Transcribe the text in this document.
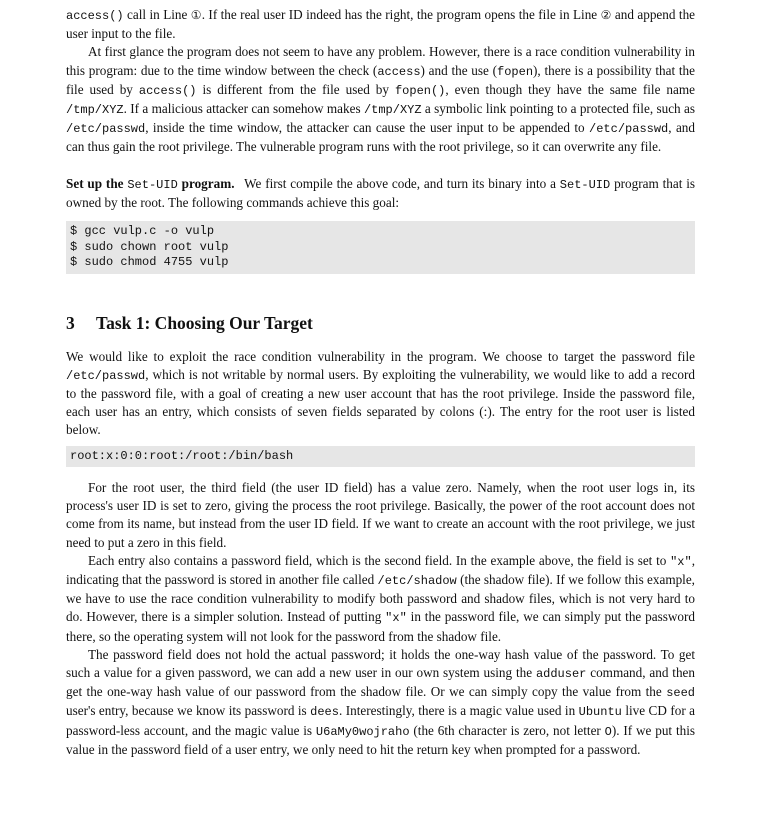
access() call in Line ①. If the real user ID indeed has the right, the program opens the file in Line ② and append the user input to the file.

At first glance the program does not seem to have any problem. However, there is a race condition vulnerability in this program: due to the time window between the check (access) and the use (fopen), there is a possibility that the file used by access() is different from the file used by fopen(), even though they have the same file name /tmp/XYZ. If a malicious attacker can somehow makes /tmp/XYZ a symbolic link pointing to a protected file, such as /etc/passwd, inside the time window, the attacker can cause the user input to be appended to /etc/passwd, and can thus gain the root privilege. The vulnerable program runs with the root privilege, so it can overwrite any file.

Set up the Set-UID program. We first compile the above code, and turn its binary into a Set-UID program that is owned by the root. The following commands achieve this goal:

$ gcc vulp.c -o vulp
$ sudo chown root vulp
$ sudo chmod 4755 vulp
3 Task 1: Choosing Our Target

We would like to exploit the race condition vulnerability in the program. We choose to target the password file /etc/passwd, which is not writable by normal users. By exploiting the vulnerability, we would like to add a record to the password file, with a goal of creating a new user account that has the root privilege. Inside the password file, each user has an entry, which consists of seven fields separated by colons (:). The entry for the root user is listed below.

root:x:0:0:root:/root:/bin/bash

For the root user, the third field (the user ID field) has a value zero. Namely, when the root user logs in, its process's user ID is set to zero, giving the process the root privilege. Basically, the power of the root account does not come from its name, but instead from the user ID field. If we want to create an account with the root privilege, we just need to put a zero in this field.

Each entry also contains a password field, which is the second field. In the example above, the field is set to "x", indicating that the password is stored in another file called /etc/shadow (the shadow file). If we follow this example, we have to use the race condition vulnerability to modify both password and shadow files, which is not very hard to do. However, there is a simpler solution. Instead of putting "x" in the password file, we can simply put the password there, so the operating system will not look for the password from the shadow file.

The password field does not hold the actual password; it holds the one-way hash value of the password. To get such a value for a given password, we can add a new user in our own system using the adduser command, and then get the one-way hash value of our password from the shadow file. Or we can simply copy the value from the seed user's entry, because we know its password is dees. Interestingly, there is a magic value used in Ubuntu live CD for a password-less account, and the magic value is U6aMy0wojraho (the 6th character is zero, not letter O). If we put this value in the password field of a user entry, we only need to hit the return key when prompted for a password.
